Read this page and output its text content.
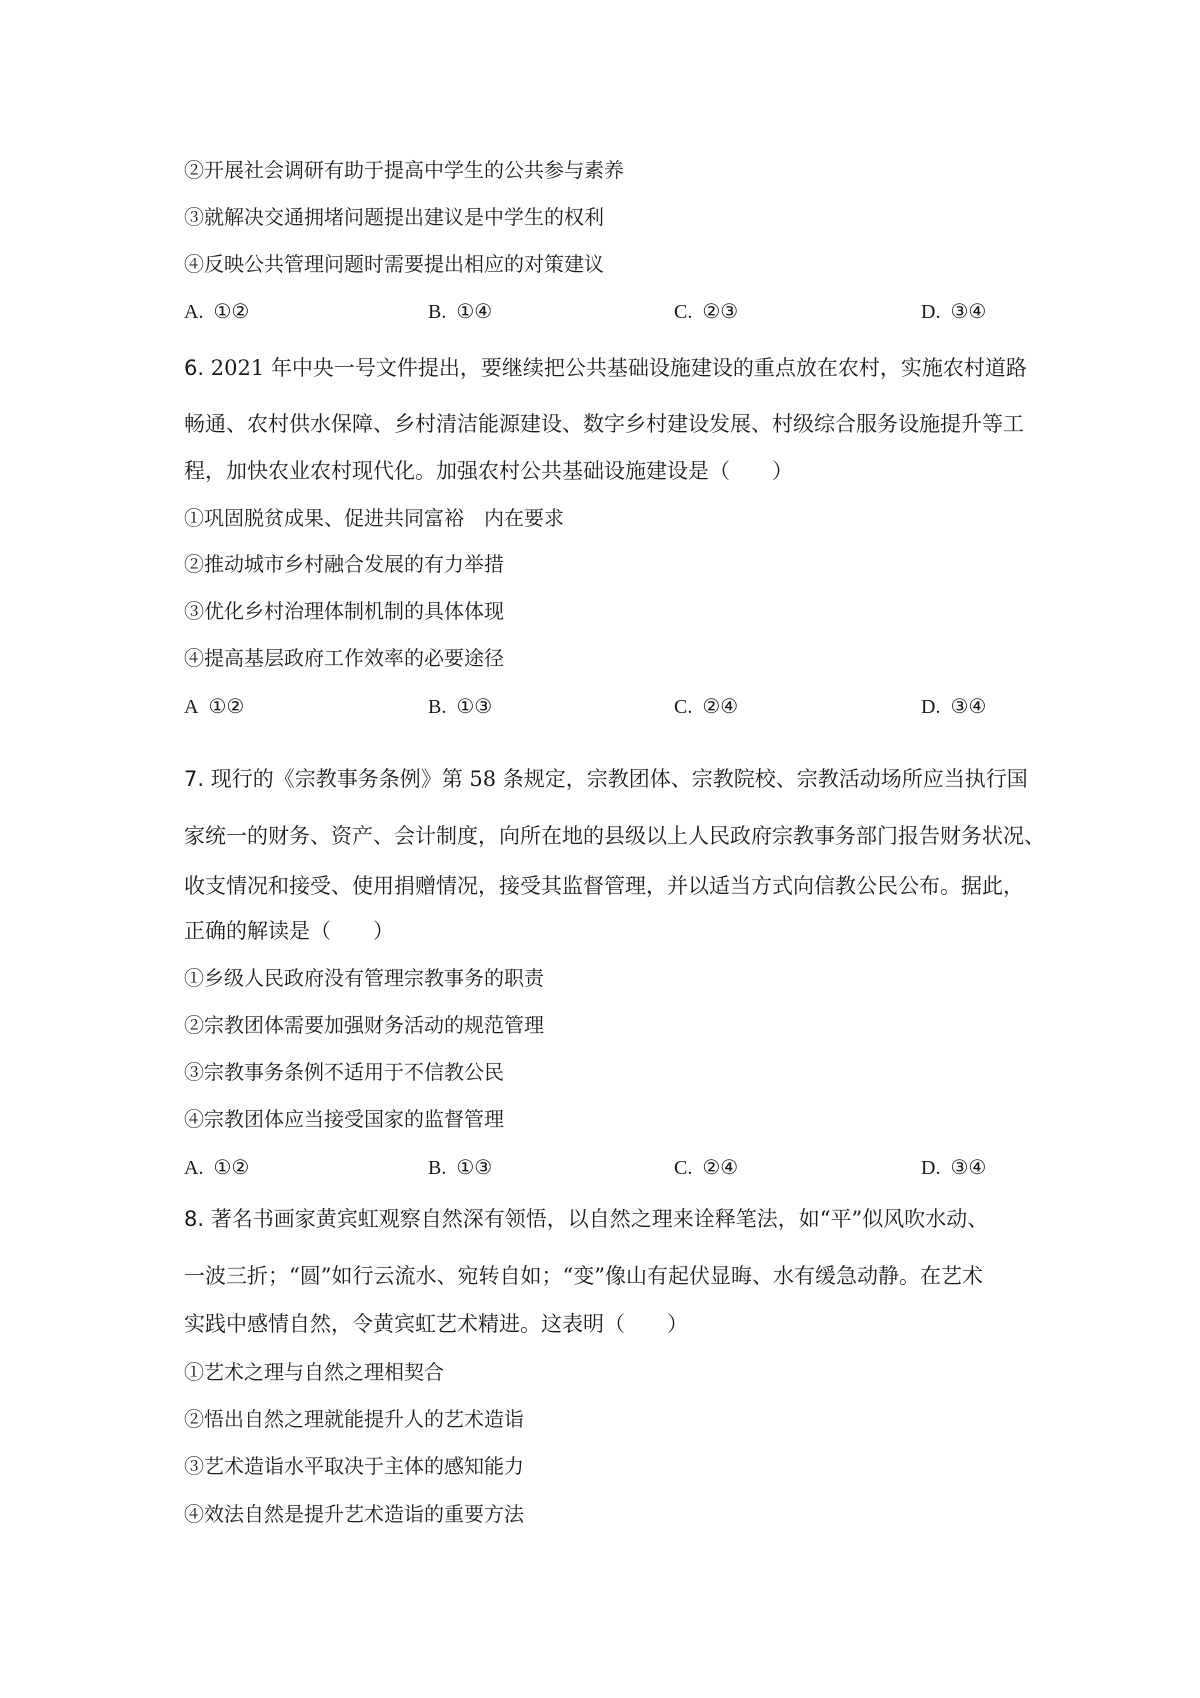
②开展社会调研有助于提高中学生的公共参与素养
③就解决交通拥堵问题提出建议是中学生的权利
④反映公共管理问题时需要提出相应的对策建议
A. ①②	B. ①④	C. ②③	D. ③④
6. 2021 年中央一号文件提出，要继续把公共基础设施建设的重点放在农村，实施农村道路
畅通、农村供水保障、乡村清洁能源建设、数字乡村建设发展、村级综合服务设施提升等工
程，加快农业农村现代化。加强农村公共基础设施建设是（　　）
①巩固脱贫成果、促进共同富裕　内在要求
②推动城市乡村融合发展的有力举措
③优化乡村治理体制机制的具体体现
④提高基层政府工作效率的必要途径
A ①②	B. ①③	C. ②④	D. ③④
7. 现行的《宗教事务条例》第 58 条规定，宗教团体、宗教院校、宗教活动场所应当执行国
家统一的财务、资产、会计制度，向所在地的县级以上人民政府宗教事务部门报告财务状况、
收支情况和接受、使用捐赠情况，接受其监督管理，并以适当方式向信教公民公布。据此，
正确的解读是（　　）
①乡级人民政府没有管理宗教事务的职责
②宗教团体需要加强财务活动的规范管理
③宗教事务条例不适用于不信教公民
④宗教团体应当接受国家的监督管理
A. ①②	B. ①③	C. ②④	D. ③④
8. 著名书画家黄宾虹观察自然深有领悟，以自然之理来诠释笔法，如“平”似风吹水动、
一波三折；“圆”如行云流水、宛转自如；“变”像山有起伏显晦、水有缓急动静。在艺术
实践中感情自然，令黄宾虹艺术精进。这表明（　　）
①艺术之理与自然之理相契合
②悟出自然之理就能提升人的艺术造诣
③艺术造诣水平取决于主体的感知能力
④效法自然是提升艺术造诣的重要方法
